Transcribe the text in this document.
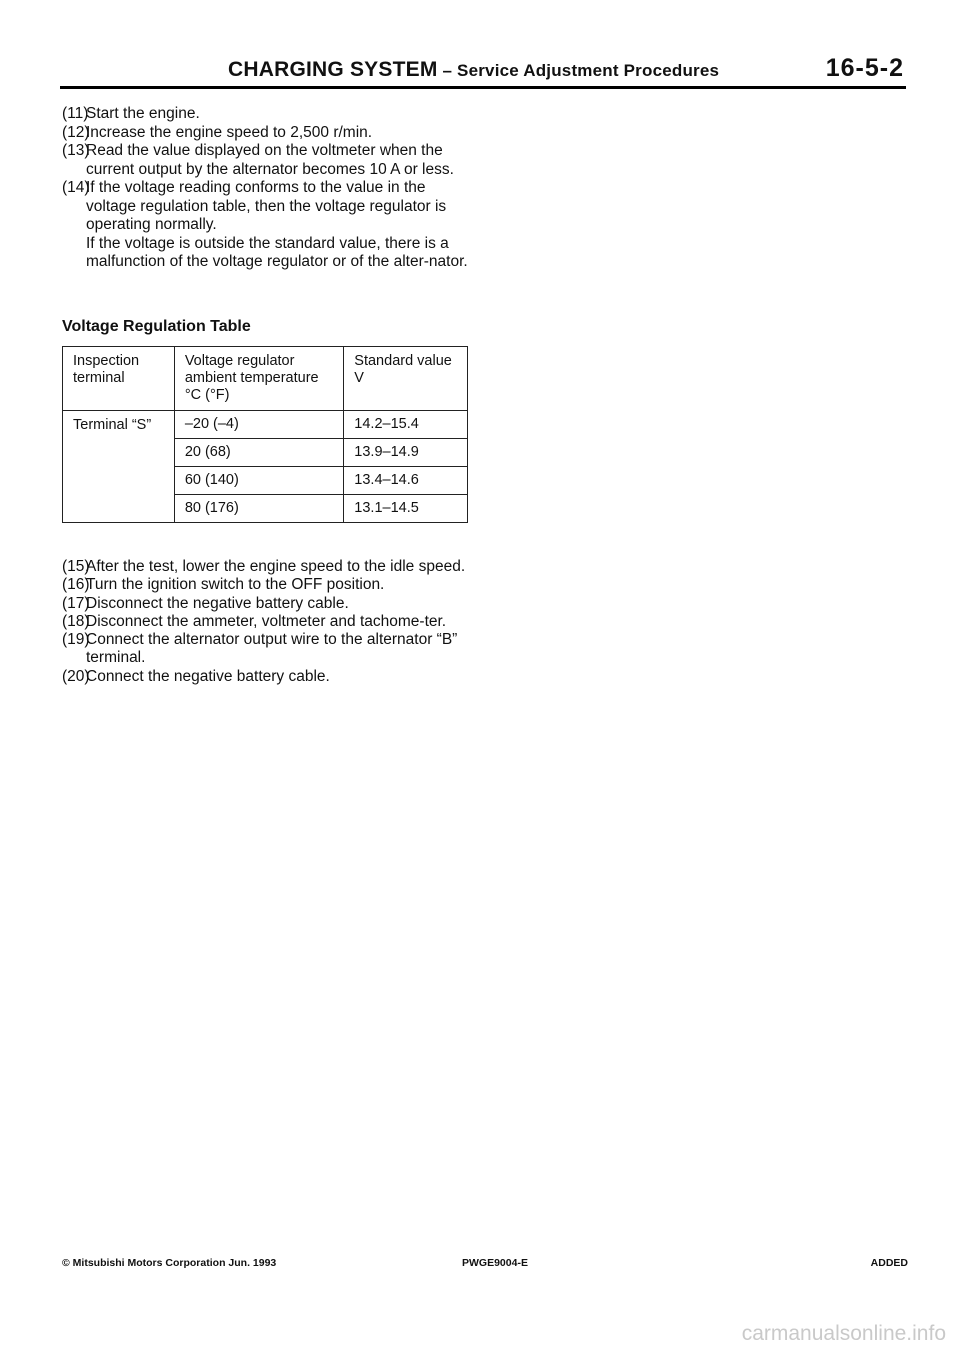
CHARGING SYSTEM – Service Adjustment Procedures	16-5-2
(11)
Start the engine.
(12)
Increase the engine speed to 2,500 r/min.
(13)
Read the value displayed on the voltmeter when the current output by the alternator becomes 10 A or less.
(14)
If the voltage reading conforms to the value in the voltage regulation table, then the voltage regulator is operating normally.
If the voltage is outside the standard value, there is a malfunction of the voltage regulator or of the alter-nator.
Voltage Regulation Table
Inspection terminal	Voltage regulator ambient temperature °C (°F)	Standard value V
Terminal “S”	–20 (–4)	14.2–15.4
	20 (68)	13.9–14.9
	60 (140)	13.4–14.6
	80 (176)	13.1–14.5
(15)
After the test, lower the engine speed to the idle speed.
(16)
Turn the ignition switch to the OFF position.
(17)
Disconnect the negative battery cable.
(18)
Disconnect the ammeter, voltmeter and tachome-ter.
(19)
Connect the alternator output wire to the alternator “B” terminal.
(20)
Connect the negative battery cable.
© Mitsubishi Motors Corporation Jun. 1993	PWGE9004-E	ADDED
carmanualsonline.info
